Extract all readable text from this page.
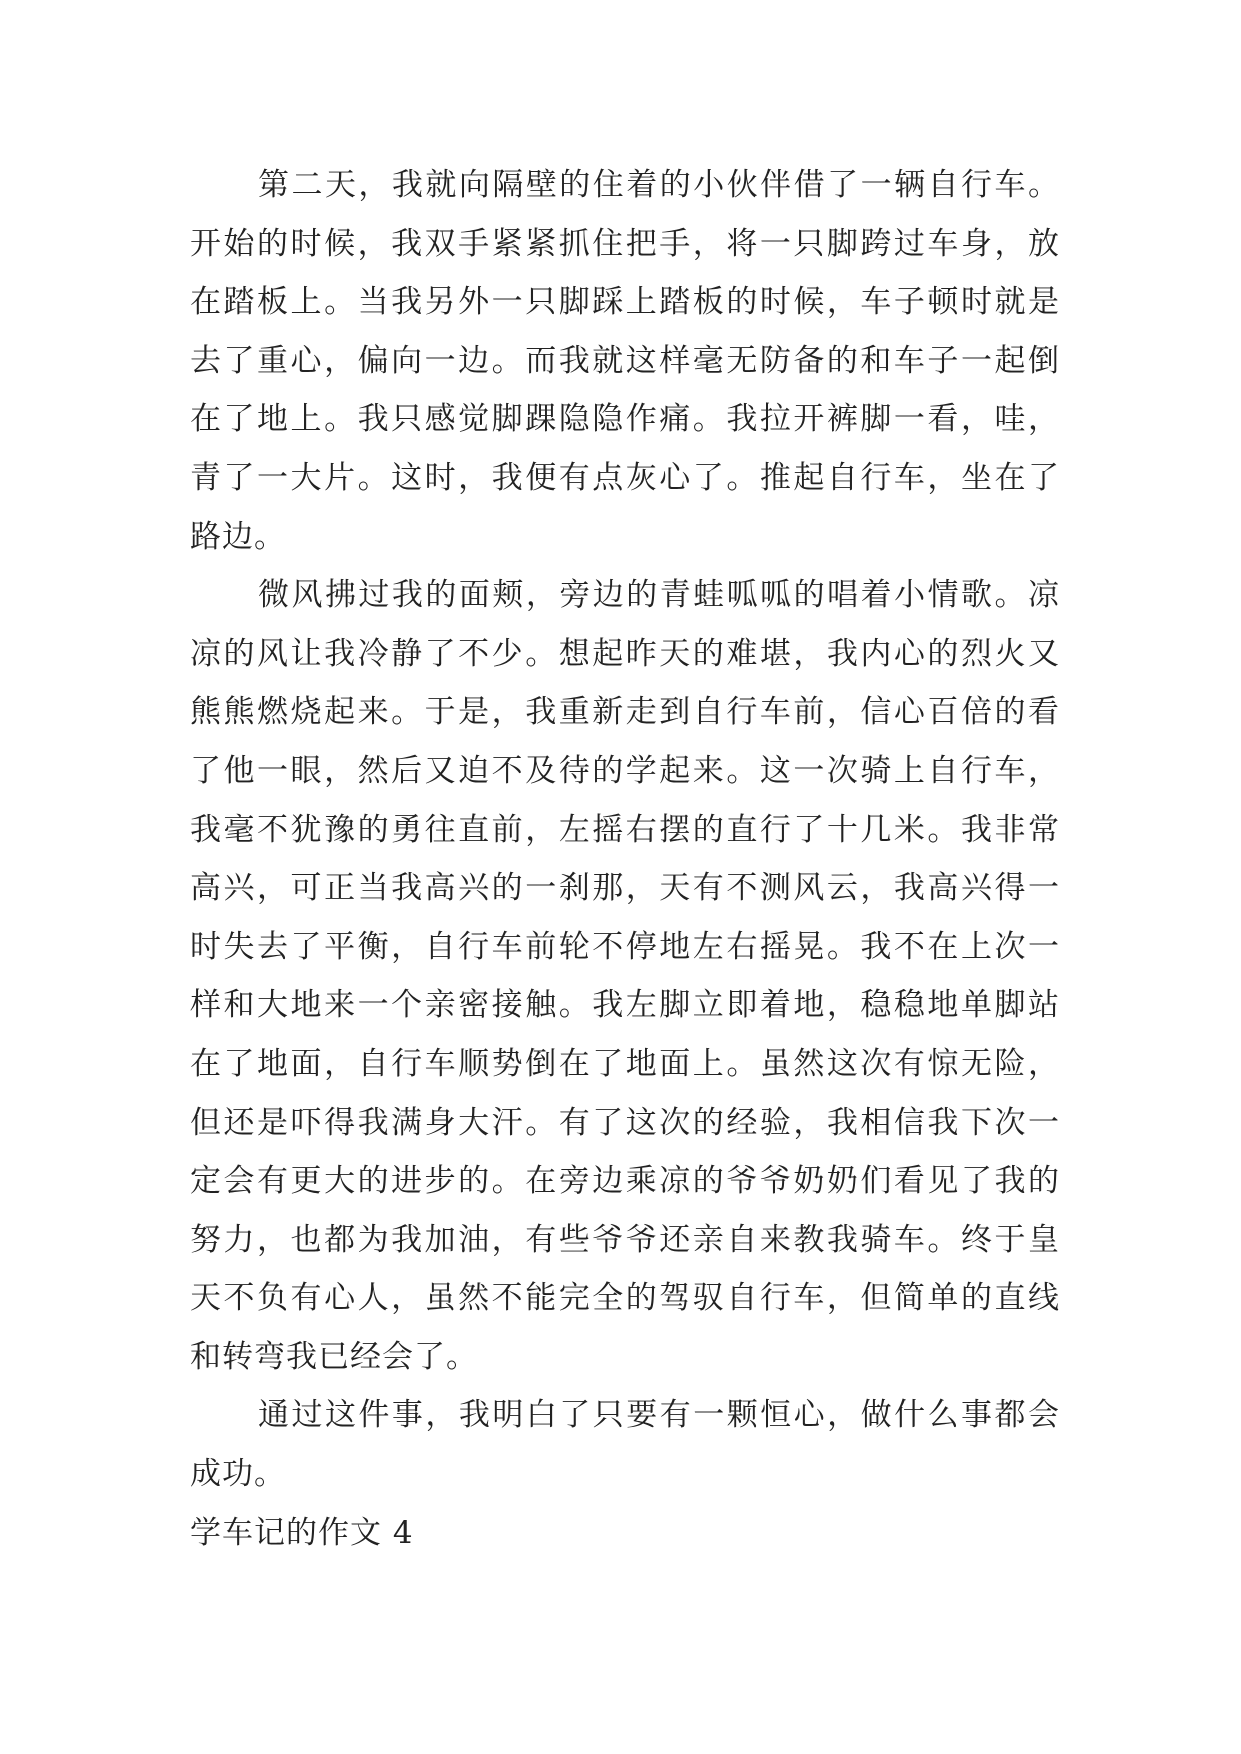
第二天，我就向隔壁的住着的小伙伴借了一辆自行车。
开始的时候，我双手紧紧抓住把手，将一只脚跨过车身，放
在踏板上。当我另外一只脚踩上踏板的时候，车子顿时就是
去了重心，偏向一边。而我就这样毫无防备的和车子一起倒
在了地上。我只感觉脚踝隐隐作痛。我拉开裤脚一看，哇，
青了一大片。这时，我便有点灰心了。推起自行车，坐在了
路边。
微风拂过我的面颊，旁边的青蛙呱呱的唱着小情歌。凉
凉的风让我冷静了不少。想起昨天的难堪，我内心的烈火又
熊熊燃烧起来。于是，我重新走到自行车前，信心百倍的看
了他一眼，然后又迫不及待的学起来。这一次骑上自行车，
我毫不犹豫的勇往直前，左摇右摆的直行了十几米。我非常
高兴，可正当我高兴的一刹那，天有不测风云，我高兴得一
时失去了平衡，自行车前轮不停地左右摇晃。我不在上次一
样和大地来一个亲密接触。我左脚立即着地，稳稳地单脚站
在了地面，自行车顺势倒在了地面上。虽然这次有惊无险，
但还是吓得我满身大汗。有了这次的经验，我相信我下次一
定会有更大的进步的。在旁边乘凉的爷爷奶奶们看见了我的
努力，也都为我加油，有些爷爷还亲自来教我骑车。终于皇
天不负有心人，虽然不能完全的驾驭自行车，但简单的直线
和转弯我已经会了。
通过这件事，我明白了只要有一颗恒心，做什么事都会
成功。
学车记的作文 4
